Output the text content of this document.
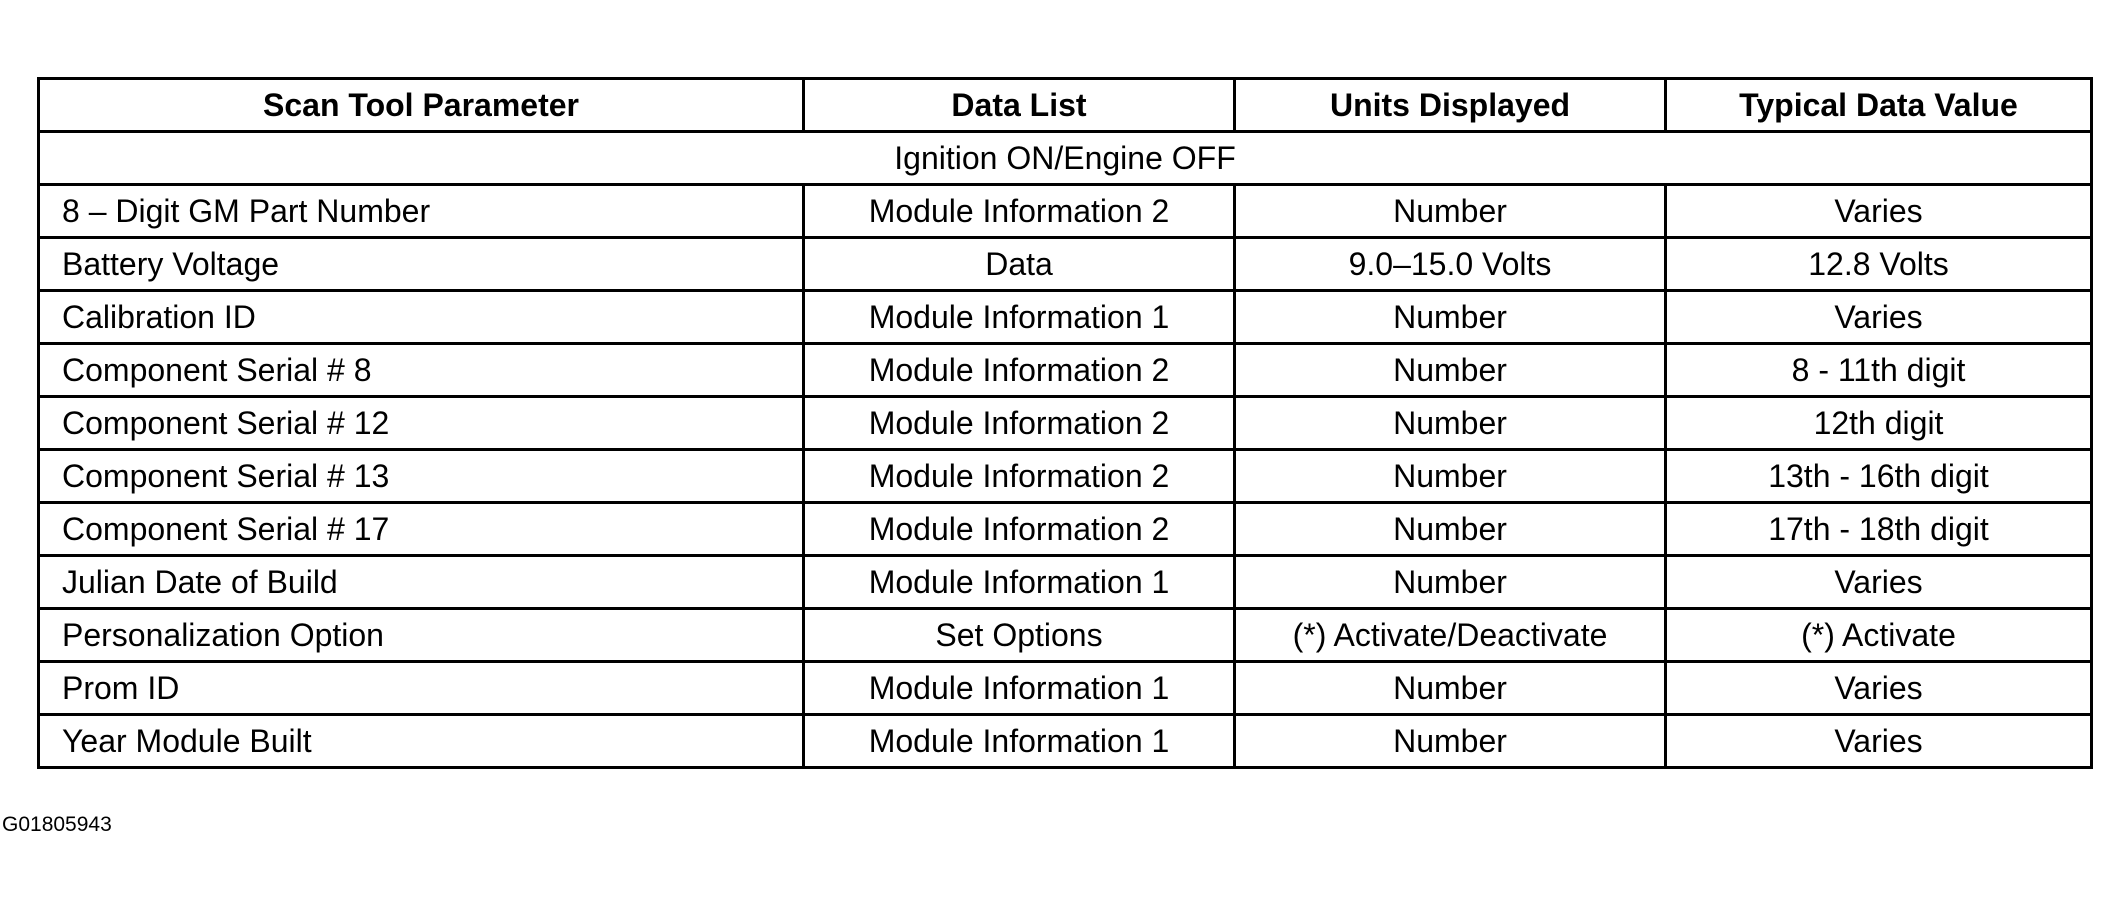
Scan Tool Parameter	Data List	Units Displayed	Typical Data Value
Ignition ON/Engine OFF			
8 – Digit GM Part Number	Module Information 2	Number	Varies
Battery Voltage	Data	9.0–15.0 Volts	12.8 Volts
Calibration ID	Module Information 1	Number	Varies
Component Serial # 8	Module Information 2	Number	8 - 11th digit
Component Serial # 12	Module Information 2	Number	12th digit
Component Serial # 13	Module Information 2	Number	13th - 16th digit
Component Serial # 17	Module Information 2	Number	17th - 18th digit
Julian Date of Build	Module Information 1	Number	Varies
Personalization Option	Set Options	(*) Activate/Deactivate	(*) Activate
Prom ID	Module Information 1	Number	Varies
Year Module Built	Module Information 1	Number	Varies
G01805943
